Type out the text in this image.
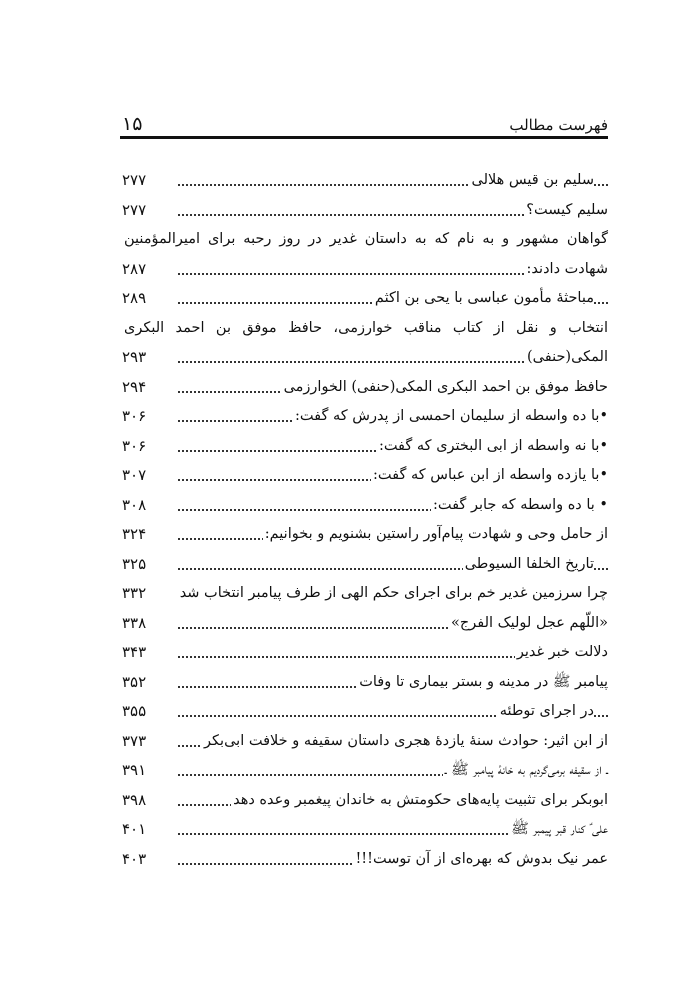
فهرست مطالب
۱۵
سلیم بن قیس هلالی
۲۷۷
سلیم کیست؟
۲۷۷
گواهان مشهور و به نام که به داستان غدیر در روز رحبه برای امیرالمؤمنین
شهادت دادند:
۲۸۷
مباحثهٔ مأمون عباسی با یحی بن اکثم
۲۸۹
انتخاب و نقل از کتاب مناقب خوارزمی، حافظ موفق بن احمد البکری
المکی(حنفی)
۲۹۳
حافظ موفق بن احمد البکری المکی(حنفی) الخوارزمی
۲۹۴
•با ده واسطه از سلیمان احمسی از پدرش که گفت:
۳۰۶
•با نه واسطه از ابی البختری که گفت:
۳۰۶
•با یازده واسطه از ابن عباس که گفت:
۳۰۷
• با ده واسطه که جابر گفت:
۳۰۸
از حامل وحی و شهادت پیام‌آور راستین بشنویم و بخوانیم:
۳۲۴
تاریخ الخلفا السیوطی
۳۲۵
چرا سرزمین غدیر خم برای اجرای حکم الهی از طرف پیامبر انتخاب شد
۳۳۲
«اللّهم عجل لولیک الفرج»
۳۳۸
دلالت خبر غدیر
۳۴۳
پیامبر ﷺ در مدینه و بستر بیماری تا وفات
۳۵۲
در اجرای توطئه
۳۵۵
از ابن اثیر: حوادث سنهٔ یازدهٔ هجری داستان سقیفه و خلافت ابی‌بکر
۳۷۳
ـ از سقیفه برمی‌گردیم به خانهٔ پیامبر ﷺ ـ
۳۹۱
ابوبکر برای تثبیت پایه‌های حکومتش به خاندان پیغمبر وعده دهد
۳۹۸
علی ؑ کنار قبر پیمبر ﷺ
۴۰۱
عمر نیک بدوش که بهره‌ای از آن توست!!!
۴۰۳
